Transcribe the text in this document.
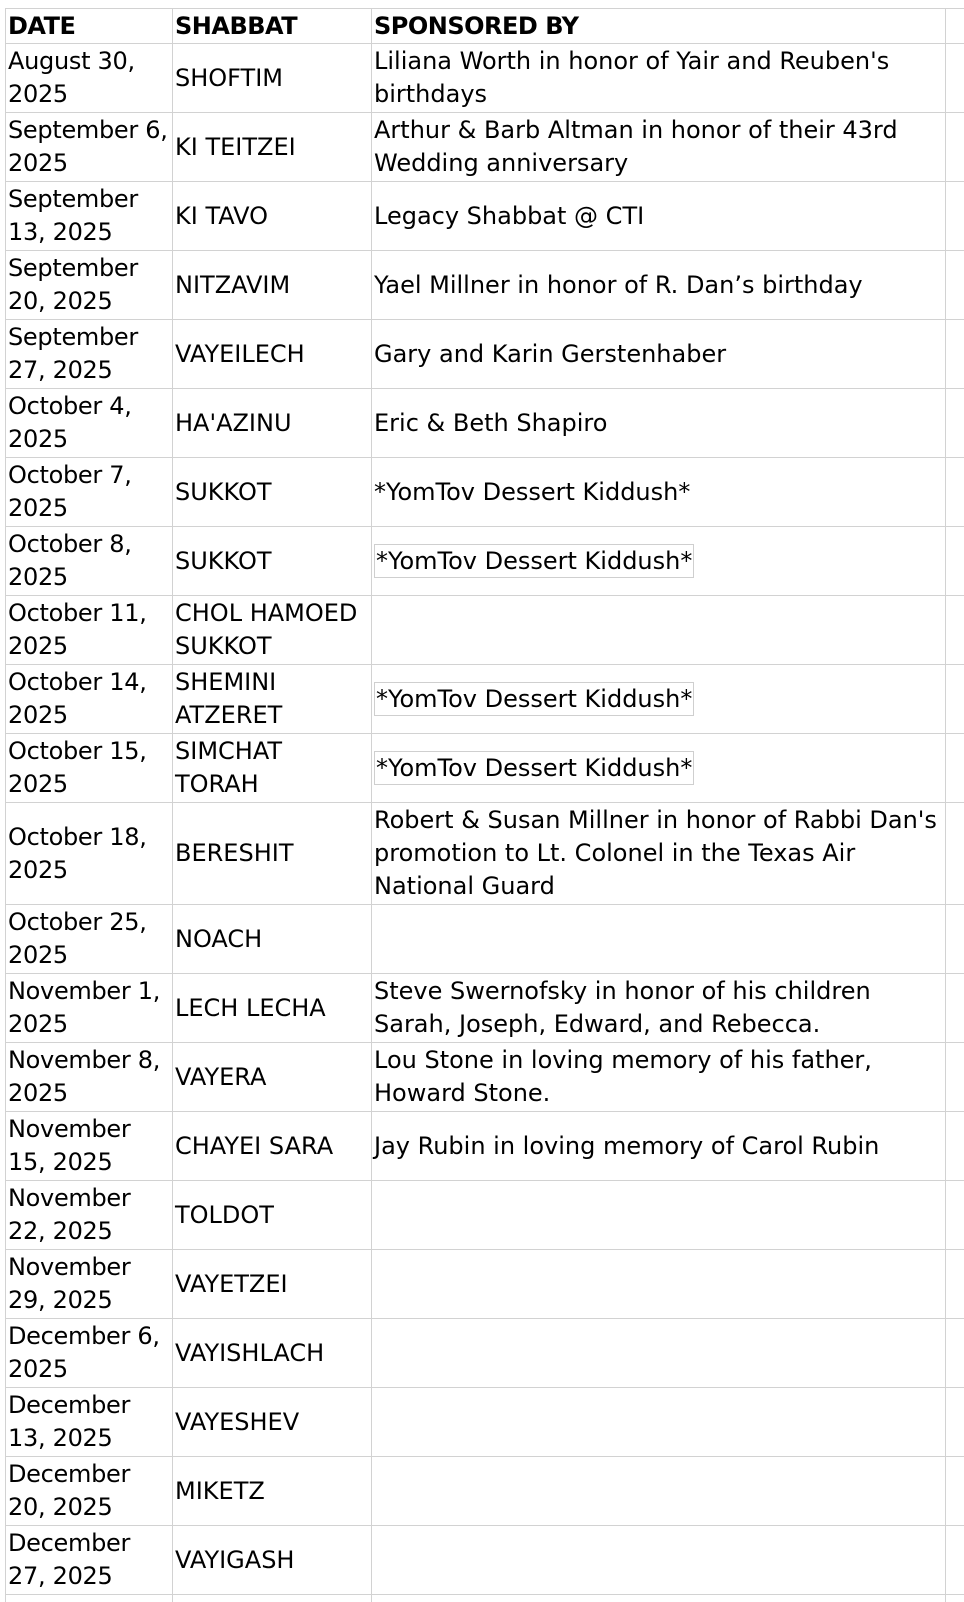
DATE	SHABBAT	SPONSORED BY	
August 30, 2025	SHOFTIM	Liliana Worth in honor of Yair and Reuben's birthdays	
September 6, 2025	KI TEITZEI	Arthur & Barb Altman in honor of their 43rd Wedding anniversary	
September 13, 2025	KI TAVO	Legacy Shabbat @ CTI	
September 20, 2025	NITZAVIM	Yael Millner in honor of R. Dan’s birthday	
September 27, 2025	VAYEILECH	Gary and Karin Gerstenhaber	
October 4, 2025	HA'AZINU	Eric & Beth Shapiro	
October 7, 2025	SUKKOT	*YomTov Dessert Kiddush*	
October 8, 2025	SUKKOT	*YomTov Dessert Kiddush*	
October 11, 2025	CHOL HAMOED SUKKOT		
October 14, 2025	SHEMINI ATZERET	*YomTov Dessert Kiddush*	
October 15, 2025	SIMCHAT TORAH	*YomTov Dessert Kiddush*	
October 18, 2025	BERESHIT	Robert & Susan Millner in honor of Rabbi Dan's promotion to Lt. Colonel in the Texas Air National Guard	
October 25, 2025	NOACH		
November 1, 2025	LECH LECHA	Steve Swernofsky in honor of his children Sarah, Joseph, Edward, and Rebecca.	
November 8, 2025	VAYERA	Lou Stone in loving memory of his father, Howard Stone.	
November 15, 2025	CHAYEI SARA	Jay Rubin in loving memory of Carol Rubin	
November 22, 2025	TOLDOT		
November 29, 2025	VAYETZEI		
December 6, 2025	VAYISHLACH		
December 13, 2025	VAYESHEV		
December 20, 2025	MIKETZ		
December 27, 2025	VAYIGASH		
